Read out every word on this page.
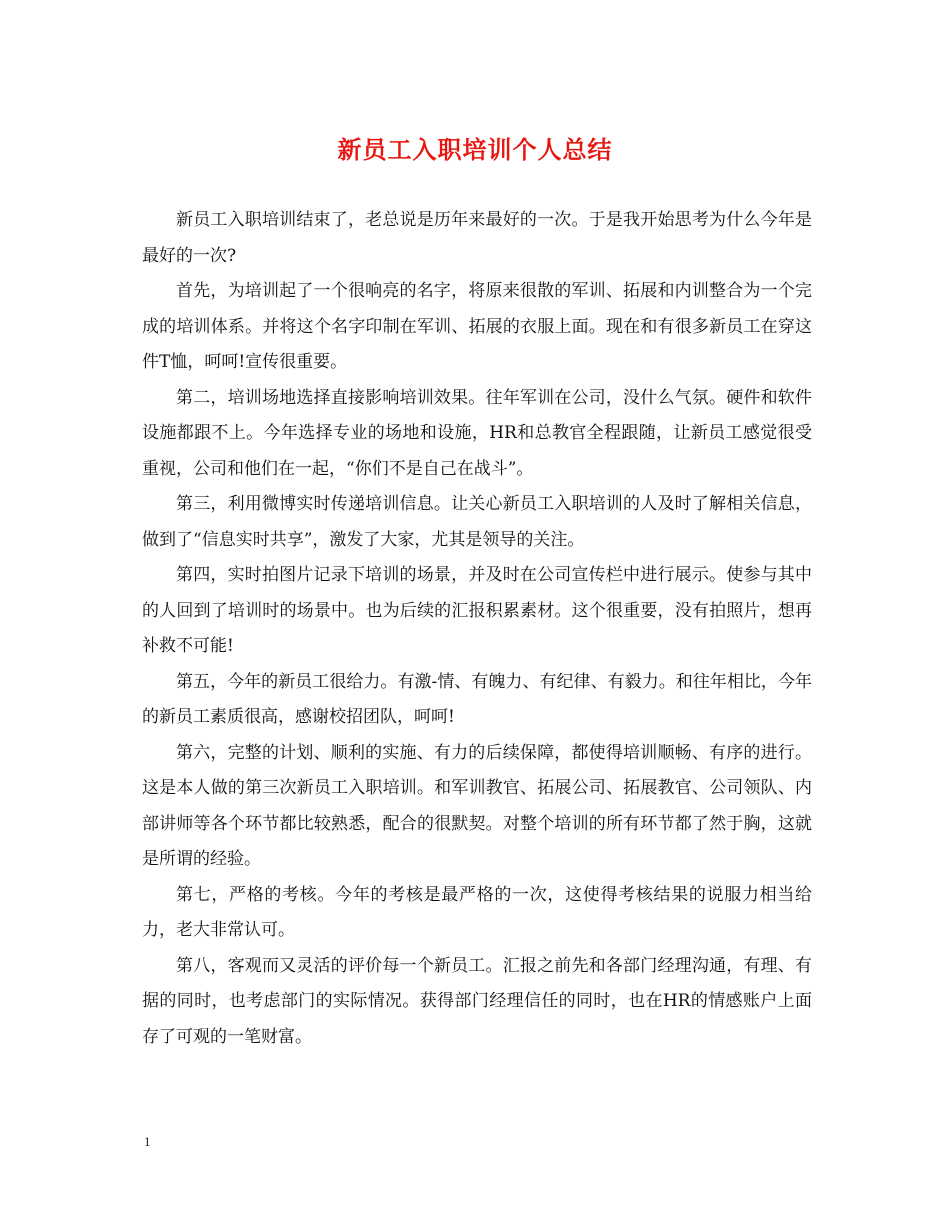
新员工入职培训个人总结

新员工入职培训结束了，老总说是历年来最好的一次。于是我开始思考为什么今年是最好的一次?

首先，为培训起了一个很响亮的名字，将原来很散的军训、拓展和内训整合为一个完成的培训体系。并将这个名字印制在军训、拓展的衣服上面。现在和有很多新员工在穿这件T恤，呵呵!宣传很重要。

第二，培训场地选择直接影响培训效果。往年军训在公司，没什么气氛。硬件和软件设施都跟不上。今年选择专业的场地和设施，HR和总教官全程跟随，让新员工感觉很受重视，公司和他们在一起，“你们不是自己在战斗”。

第三，利用微博实时传递培训信息。让关心新员工入职培训的人及时了解相关信息，做到了“信息实时共享”，激发了大家，尤其是领导的关注。

第四，实时拍图片记录下培训的场景，并及时在公司宣传栏中进行展示。使参与其中的人回到了培训时的场景中。也为后续的汇报积累素材。这个很重要，没有拍照片，想再补救不可能!

第五，今年的新员工很给力。有激-情、有魄力、有纪律、有毅力。和往年相比，今年的新员工素质很高，感谢校招团队，呵呵!

第六，完整的计划、顺利的实施、有力的后续保障，都使得培训顺畅、有序的进行。这是本人做的第三次新员工入职培训。和军训教官、拓展公司、拓展教官、公司领队、内部讲师等各个环节都比较熟悉，配合的很默契。对整个培训的所有环节都了然于胸，这就是所谓的经验。

第七，严格的考核。今年的考核是最严格的一次，这使得考核结果的说服力相当给力，老大非常认可。

第八，客观而又灵活的评价每一个新员工。汇报之前先和各部门经理沟通，有理、有据的同时，也考虑部门的实际情况。获得部门经理信任的同时，也在HR的情感账户上面存了可观的一笔财富。

1
